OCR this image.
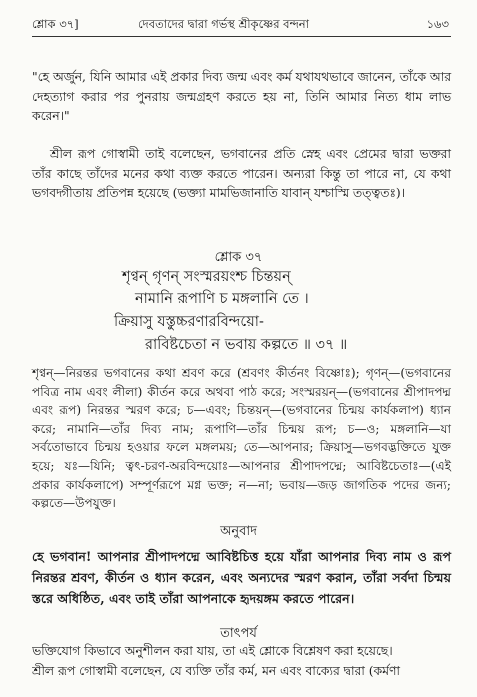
শ্লোক ৩৭]	দেবতাদের দ্বারা গর্ভস্থ শ্রীকৃষ্ণের বন্দনা	১৬৩
"হে অর্জুন, যিনি আমার এই প্রকার দিব্য জন্ম এবং কর্ম যথাযথভাবে জানেন, তাঁকে আর দেহত্যাগ করার পর পুনরায় জন্মগ্রহণ করতে হয় না, তিনি আমার নিত্য ধাম লাভ করেন।"
শ্রীল রূপ গোস্বামী তাই বলেছেন, ভগবানের প্রতি স্নেহ এবং প্রেমের দ্বারা ভক্তরা তাঁর কাছে তাঁদের মনের কথা ব্যক্ত করতে পারেন। অন্যরা কিন্তু তা পারে না, যে কথা ভগবদ্গীতায় প্রতিপন্ন হয়েছে (ভক্ত্যা মামভিজানাতি যাবান্ যশ্চাস্মি তত্ত্বতঃ)।
শ্লোক ৩৭
শৃণ্বন্ গৃণন্ সংস্মরয়ংশ্চ চিন্তয়ন্
নামানি রূপাণি চ মঙ্গলানি তে ।
ক্রিয়াসু যস্তুচ্চরণারবিন্দয়ো-
রাবিষ্টচেতা ন ভবায় কল্পতে ॥ ৩৭ ॥
শৃণ্বন্—নিরন্তর ভগবানের কথা শ্রবণ করে (শ্রবণং কীর্তনং বিষ্ণোঃ); গৃণন্—(ভগবানের পবিত্র নাম এবং লীলা) কীর্তন করে অথবা পাঠ করে; সংস্মরয়ন্—(ভগবানের শ্রীপাদপদ্ম এবং রূপ) নিরন্তর স্মরণ করে; চ—এবং; চিন্তয়ন্—(ভগবানের চিন্ময় কার্যকলাপ) ধ্যান করে; নামানি—তাঁর দিব্য নাম; রূপাণি—তাঁর চিন্ময় রূপ; চ—ও; মঙ্গলানি—যা সর্বতোভাবে চিন্ময় হওয়ার ফলে মঙ্গলময়; তে—আপনার; ক্রিয়াসু—ভগবদ্ভক্তিতে যুক্ত হয়ে; যঃ—যিনি; ত্বৎ-চরণ-অরবিন্দয়োঃ—আপনার শ্রীপাদপদ্মে; আবিষ্টচেতাঃ—(এই প্রকার কার্যকলাপে) সম্পূর্ণরূপে মগ্ন ভক্ত; ন—না; ভবায়—জড় জাগতিক পদের জন্য; কল্পতে—উপযুক্ত।
অনুবাদ
হে ভগবান! আপনার শ্রীপাদপদ্মে আবিষ্টচিত্ত হয়ে যাঁরা আপনার দিব্য নাম ও রূপ নিরন্তর শ্রবণ, কীর্তন ও ধ্যান করেন, এবং অন্যদের স্মরণ করান, তাঁরা সর্বদা চিন্ময় স্তরে অধিষ্ঠিত, এবং তাই তাঁরা আপনাকে হৃদয়ঙ্গম করতে পারেন।
তাৎপর্য
ভক্তিযোগ কিভাবে অনুশীলন করা যায়, তা এই শ্লোকে বিশ্লেষণ করা হয়েছে।
শ্রীল রূপ গোস্বামী বলেছেন, যে ব্যক্তি তাঁর কর্ম, মন এবং বাক্যের দ্বারা (কর্মণা
